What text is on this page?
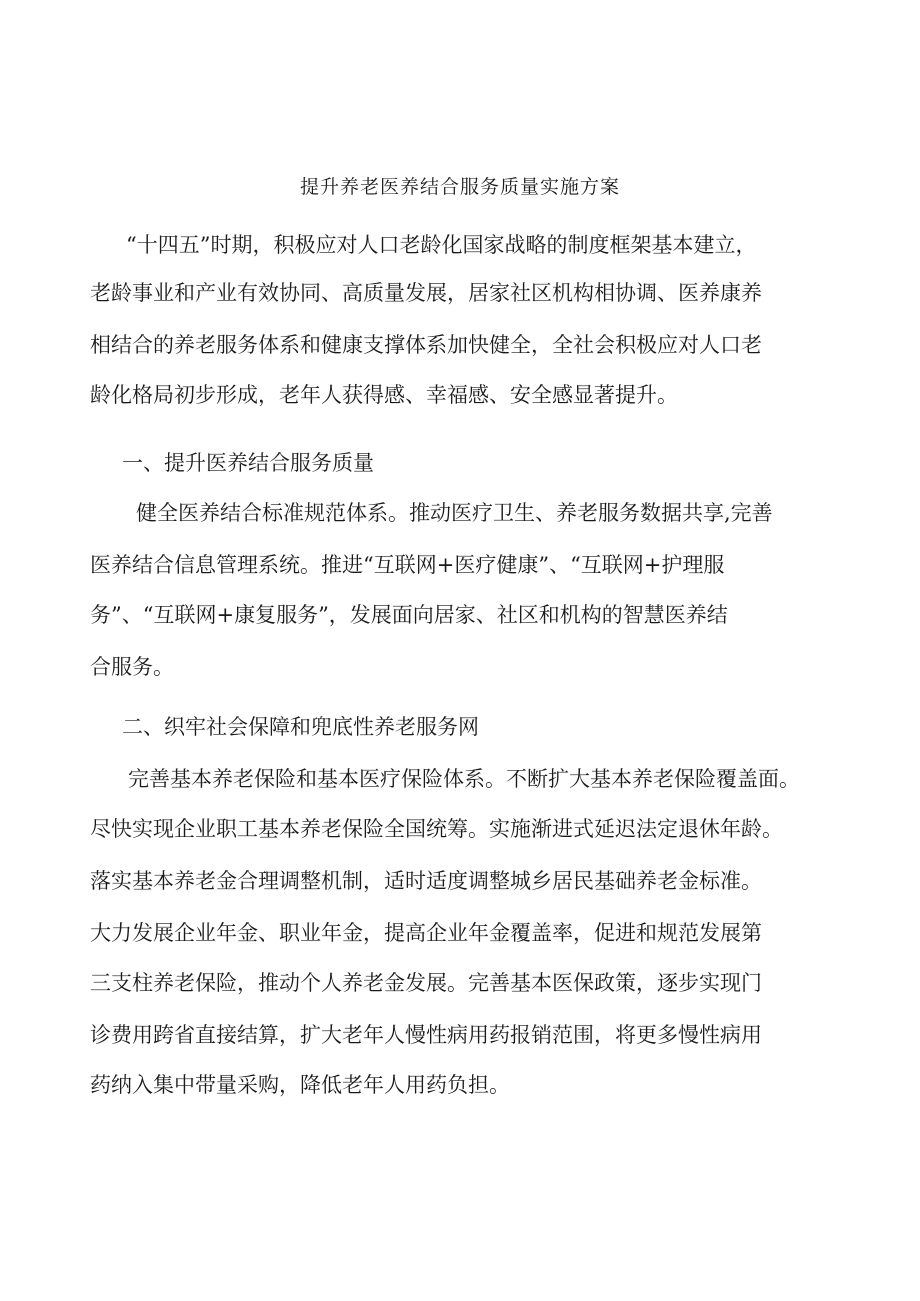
提升养老医养结合服务质量实施方案
“十四五”时期，积极应对人口老龄化国家战略的制度框架基本建立，
老龄事业和产业有效协同、高质量发展，居家社区机构相协调、医养康养
相结合的养老服务体系和健康支撑体系加快健全，全社会积极应对人口老
龄化格局初步形成，老年人获得感、幸福感、安全感显著提升。
一、提升医养结合服务质量
健全医养结合标准规范体系。推动医疗卫生、养老服务数据共享,完善
医养结合信息管理系统。推进“互联网+医疗健康”、“互联网+护理服
务”、“互联网+康复服务”，发展面向居家、社区和机构的智慧医养结
合服务。
二、织牢社会保障和兜底性养老服务网
完善基本养老保险和基本医疗保险体系。不断扩大基本养老保险覆盖面。
尽快实现企业职工基本养老保险全国统筹。实施渐进式延迟法定退休年龄。
落实基本养老金合理调整机制，适时适度调整城乡居民基础养老金标准。
大力发展企业年金、职业年金，提高企业年金覆盖率，促进和规范发展第
三支柱养老保险，推动个人养老金发展。完善基本医保政策，逐步实现门
诊费用跨省直接结算，扩大老年人慢性病用药报销范围，将更多慢性病用
药纳入集中带量采购，降低老年人用药负担。
